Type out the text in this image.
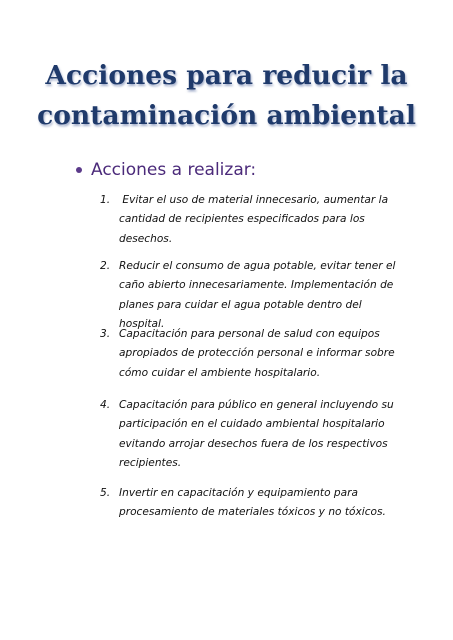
Acciones para reducir la
contaminación ambiental
Acciones a realizar:
1. Evitar el uso de material innecesario, aumentar la cantidad de recipientes especificados para los desechos.
2. Reducir el consumo de agua potable, evitar tener el caño abierto innecesariamente. Implementación de planes para cuidar el agua potable dentro del hospital.
3. Capacitación para personal de salud con equipos apropiados de protección personal e informar sobre cómo cuidar el ambiente hospitalario.
4. Capacitación para público en general incluyendo su participación en el cuidado ambiental hospitalario evitando arrojar desechos fuera de los respectivos recipientes.
5. Invertir en capacitación y equipamiento para procesamiento de materiales tóxicos y no tóxicos.
